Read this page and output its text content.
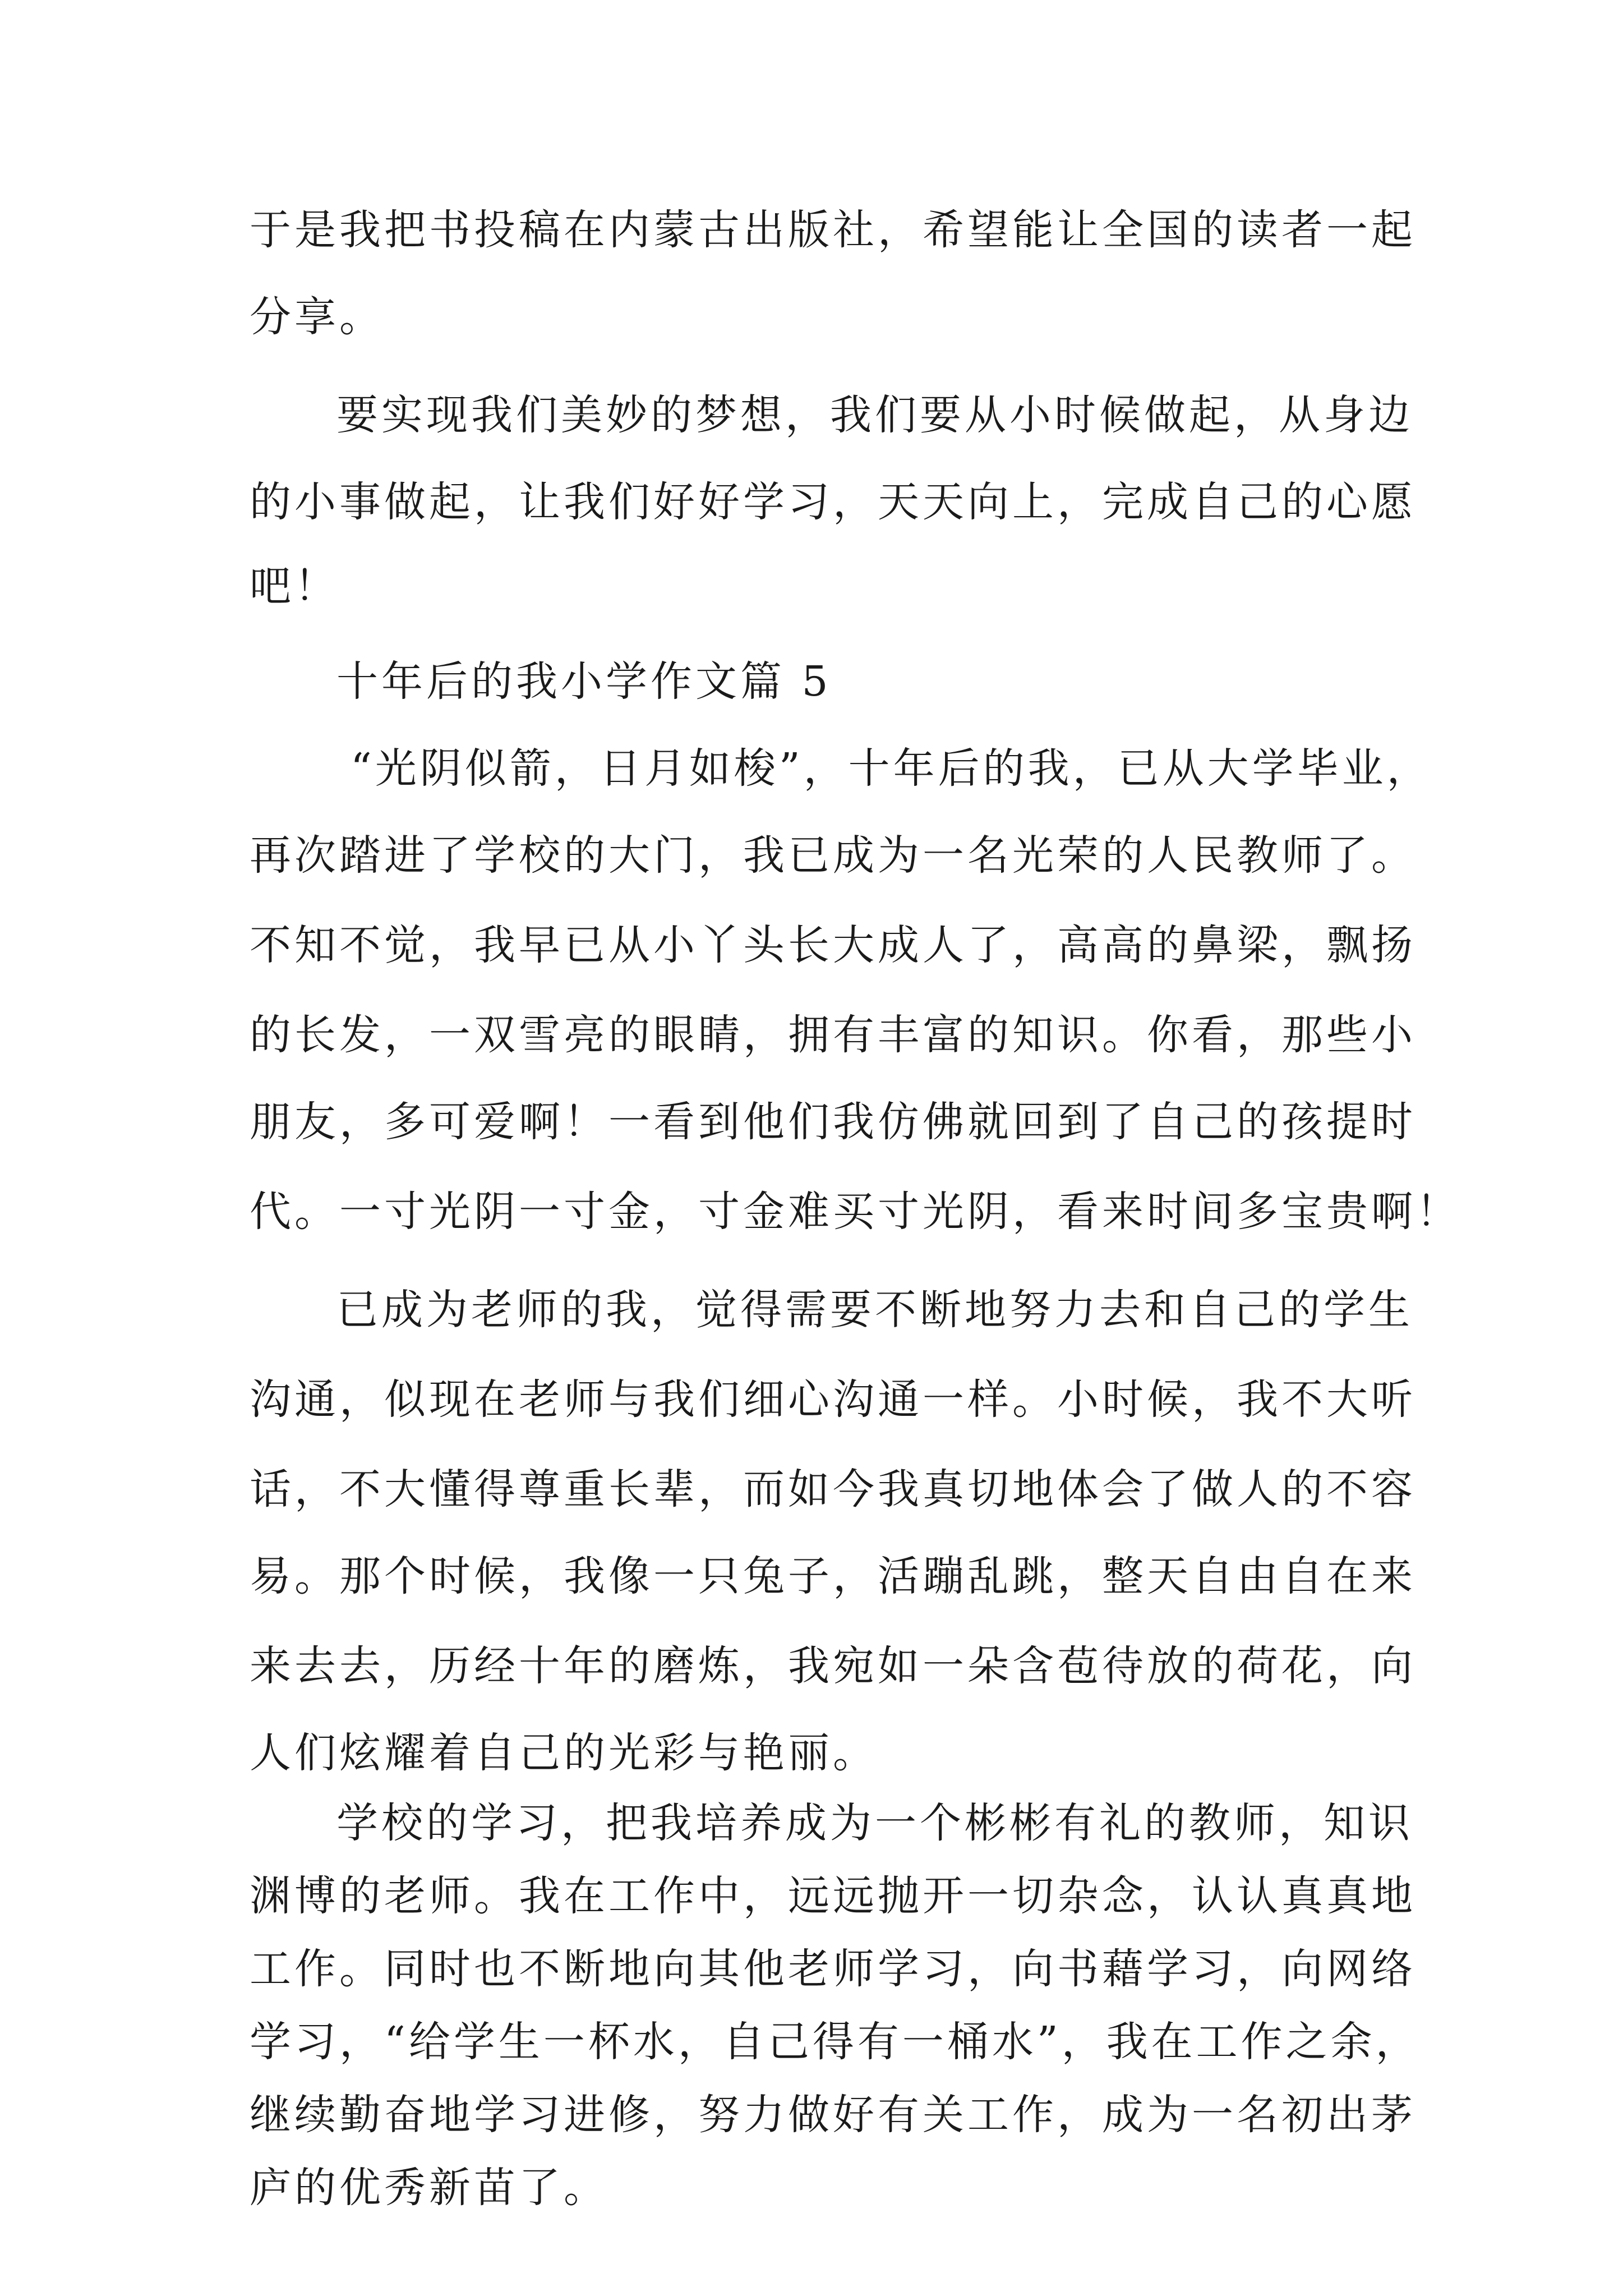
于是我把书投稿在内蒙古出版社，希望能让全国的读者一起
分享。
要实现我们美妙的梦想，我们要从小时候做起，从身边
的小事做起，让我们好好学习，天天向上，完成自己的心愿
吧！
十年后的我小学作文篇 5
“光阴似箭，日月如梭”，十年后的我，已从大学毕业，
再次踏进了学校的大门，我已成为一名光荣的人民教师了。
不知不觉，我早已从小丫头长大成人了，高高的鼻梁，飘扬
的长发，一双雪亮的眼睛，拥有丰富的知识。你看，那些小
朋友，多可爱啊！一看到他们我仿佛就回到了自己的孩提时
代。一寸光阴一寸金，寸金难买寸光阴，看来时间多宝贵啊！
已成为老师的我，觉得需要不断地努力去和自己的学生
沟通，似现在老师与我们细心沟通一样。小时候，我不大听
话，不大懂得尊重长辈，而如今我真切地体会了做人的不容
易。那个时候，我像一只兔子，活蹦乱跳，整天自由自在来
来去去，历经十年的磨炼，我宛如一朵含苞待放的荷花，向
人们炫耀着自己的光彩与艳丽。
学校的学习，把我培养成为一个彬彬有礼的教师，知识
渊博的老师。我在工作中，远远抛开一切杂念，认认真真地
工作。同时也不断地向其他老师学习，向书藉学习，向网络
学习，“给学生一杯水，自己得有一桶水”，我在工作之余，
继续勤奋地学习进修，努力做好有关工作，成为一名初出茅
庐的优秀新苗了。
